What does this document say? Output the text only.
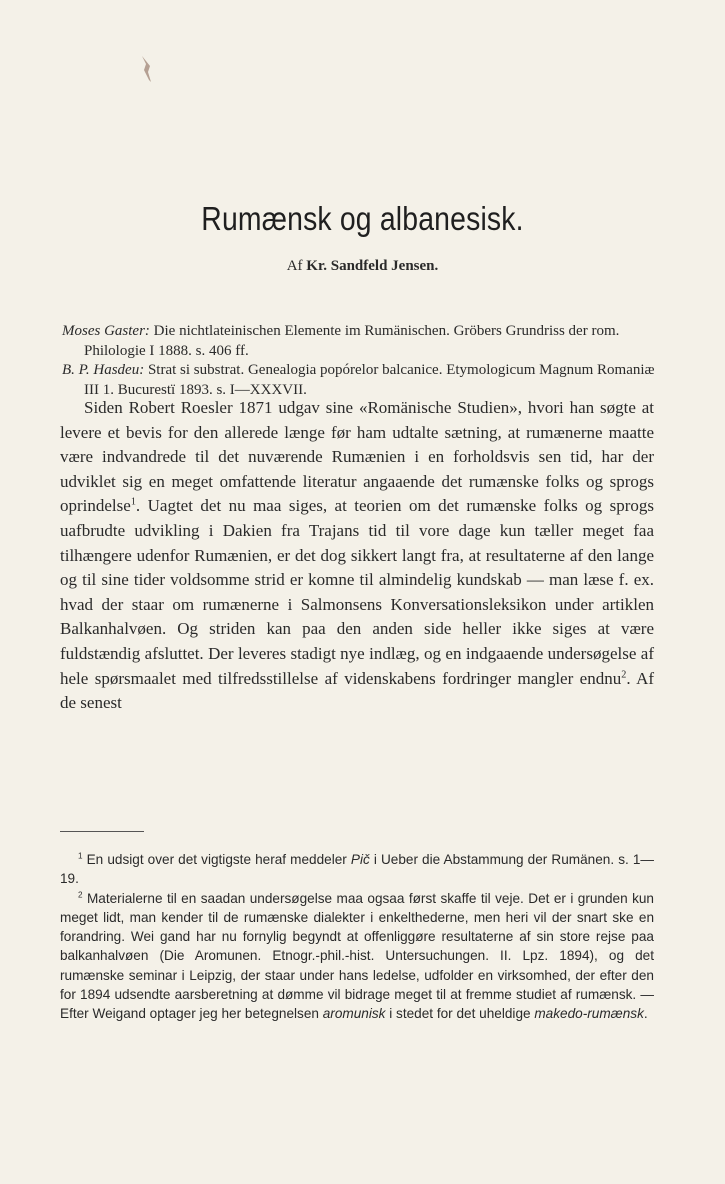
Rumænsk og albanesisk.
Af Kr. Sandfeld Jensen.

Moses Gaster: Die nichtlateinischen Elemente im Rumänischen. Gröbers Grundriss der rom. Philologie I 1888. s. 406 ff.

B. P. Hasdeu: Strat si substrat. Genealogia popórelor balcanice. Etymologicum Magnum Romaniæ III 1. Bucurestï 1893. s. I—XXXVII.

Siden Robert Roesler 1871 udgav sine «Romänische Studien», hvori han søgte at levere et bevis for den allerede længe før ham udtalte sætning, at rumænerne maatte være indvandrede til det nuværende Rumænien i en forholdsvis sen tid, har der udviklet sig en meget omfattende literatur angaaende det rumænske folks og sprogs oprindelse$^1$. Uagtet det nu maa siges, at teorien om det rumænske folks og sprogs uafbrudte udvikling i Dakien fra Trajans tid til vore dage kun tæller meget faa tilhængere udenfor Rumænien, er det dog sikkert langt fra, at resultaterne af den lange og til sine tider voldsomme strid er komne til almindelig kundskab — man læse f. ex. hvad der staar om rumænerne i Salmonsens Konversationsleksikon under artiklen Balkanhalvøen. Og striden kan paa den anden side heller ikke siges at være fuldstændig afsluttet. Der leveres stadigt nye indlæg, og en indgaaende undersøgelse af hele spørsmaalet med tilfredsstillelse af videnskabens fordringer mangler endnu$^2$. Af de senest

$^1$ En udsigt over det vigtigste heraf meddeler Pič i Ueber die Abstammung der Rumänen. s. 1—19.

$^2$ Materialerne til en saadan undersøgelse maa ogsaa først skaffe til veje. Det er i grunden kun meget lidt, man kender til de rumænske dialekter i enkelthederne, men heri vil der snart ske en forandring. Wei gand har nu fornylig begyndt at offenliggøre resultaterne af sin store rejse paa balkanhalvøen (Die Aromunen. Etnogr.-phil.-hist. Untersuchungen. II. Lpz. 1894), og det rumænske seminar i Leipzig, der staar under hans ledelse, udfolder en virksomhed, der efter den for 1894 udsendte aarsberetning at dømme vil bidrage meget til at fremme studiet af rumænsk. — Efter Weigand optager jeg her betegnelsen aromunisk i stedet for det uheldige makedo-rumænsk.
